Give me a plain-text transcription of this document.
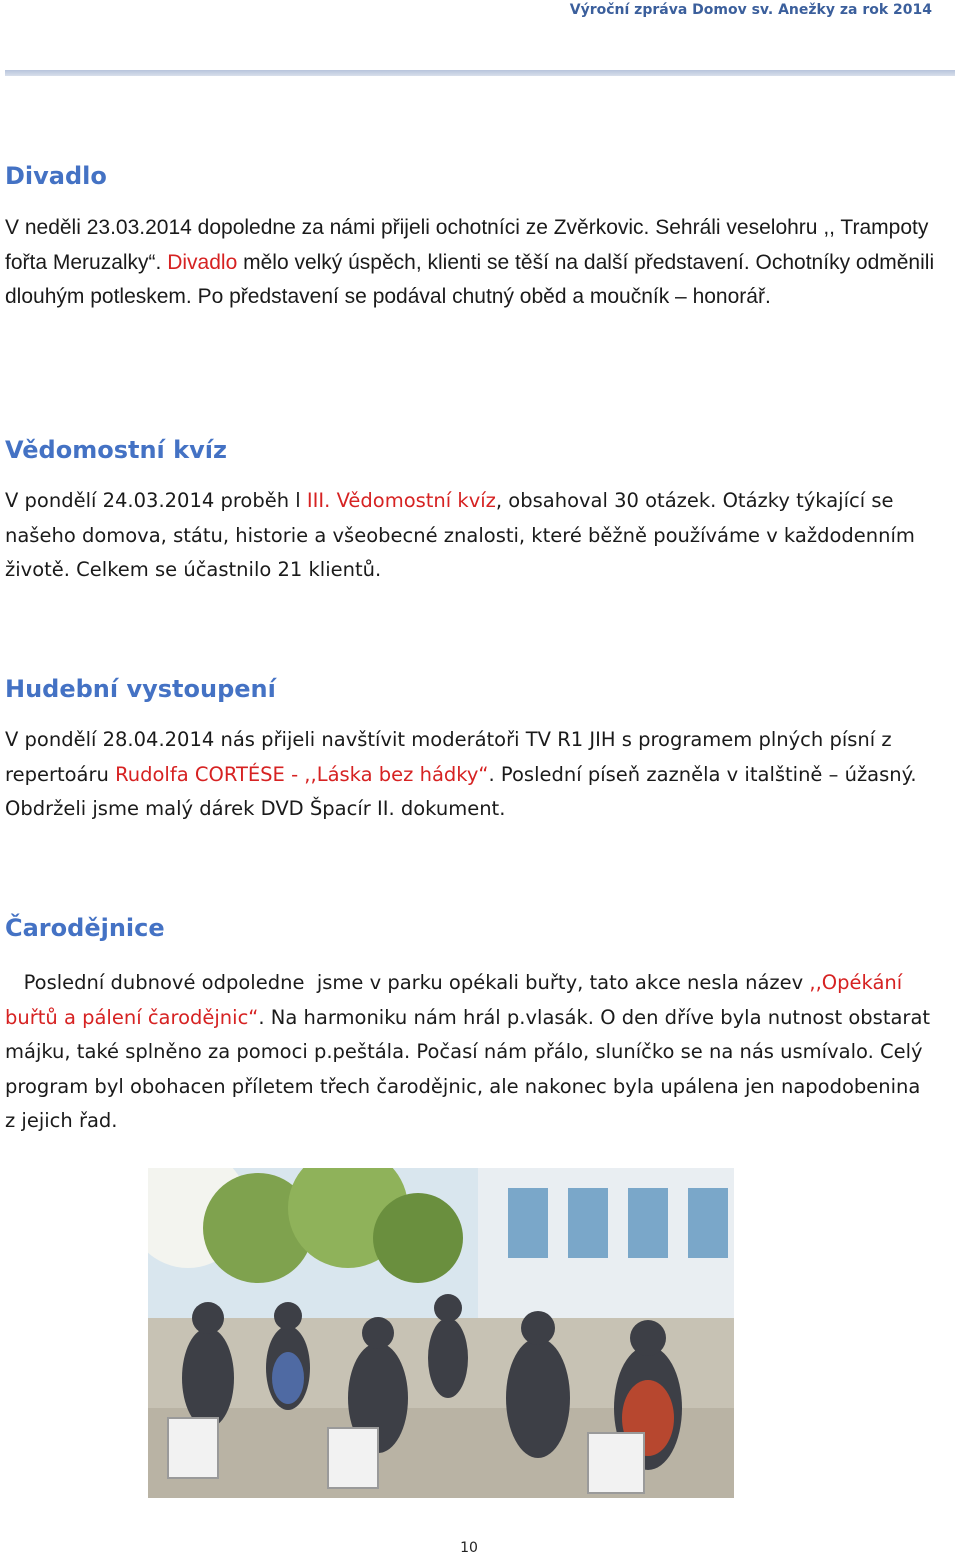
Výroční zpráva Domov sv. Anežky za rok 2014
Divadlo

V neděli 23.03.2014 dopoledne za námi přijeli ochotníci ze Zvěrkovic. Sehráli veselohru ,, Trampoty fořta Meruzalky“. Divadlo mělo velký úspěch, klienti se těší na další představení. Ochotníky odměnili dlouhým potleskem. Po představení se podával chutný oběd a moučník – honorář.

Vědomostní kvíz

V pondělí 24.03.2014 proběh l III. Vědomostní kvíz, obsahoval 30 otázek. Otázky týkající se našeho domova, státu, historie a všeobecné znalosti, které běžně používáme v každodenním životě. Celkem se účastnilo 21 klientů.

Hudební vystoupení

V pondělí 28.04.2014 nás přijeli navštívit moderátoři TV R1 JIH s programem plných písní z repertoáru Rudolfa CORTÉSE - ,,Láska bez hádky“. Poslední píseň zazněla v italštině – úžasný. Obdrželi jsme malý dárek DVD Špacír II. dokument.

Čarodějnice

Poslední dubnové odpoledne  jsme v parku opékali buřty, tato akce nesla název ,,Opékání buřtů a pálení čarodějnic“. Na harmoniku nám hrál p.vlasák. O den dříve byla nutnost obstarat májku, také splněno za pomoci p.peštála. Počasí nám přálo, sluníčko se na nás usmívalo. Celý program byl obohacen příletem třech čarodějnic, ale nakonec byla upálena jen napodobenina z jejich řad.

10
